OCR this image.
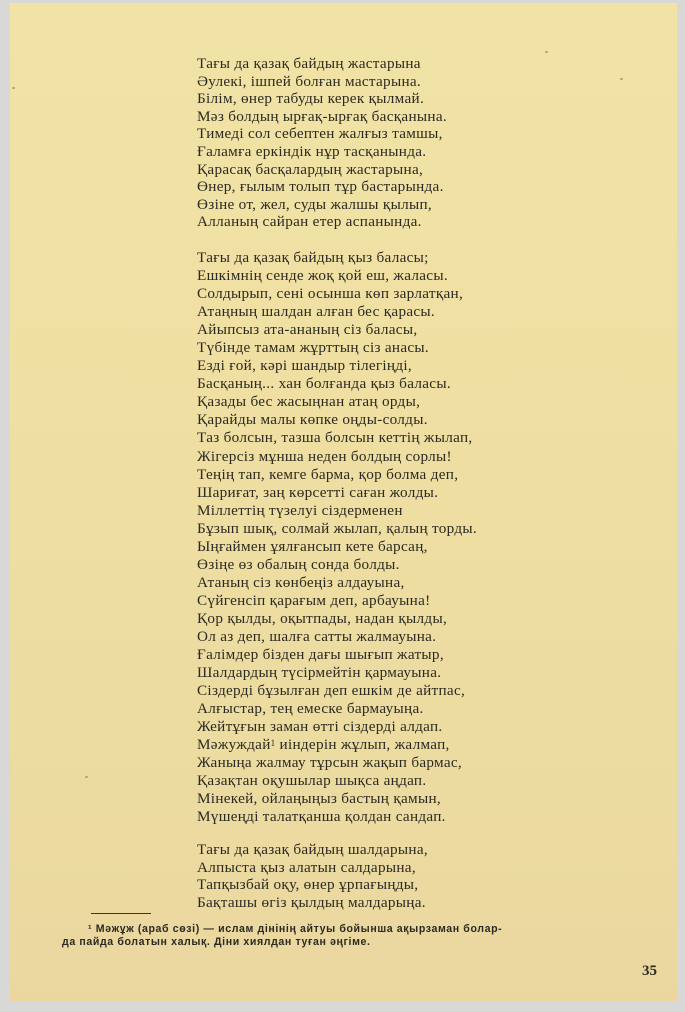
Тағы да қазақ байдың жастарына
Әулекі, ішпей болған мастарына.
Білім, өнер табуды керек қылмай.
Мәз болдың ырғақ-ырғақ басқанына.
Тимеді сол себептен жалғыз тамшы,
Ғаламға еркіндік нұр тасқанында.
Қарасақ басқалардың жастарына,
Өнер, ғылым толып тұр бастарында.
Өзіне от, жел, суды жалшы қылып,
Алланың сайран етер аспанында.
Тағы да қазақ байдың қыз баласы;
Ешкімнің сенде жоқ қой еш, жаласы.
Солдырып, сені осынша көп зарлатқан,
Атаңның шалдан алған бес қарасы.
Айыпсыз ата-ананың сіз баласы,
Түбінде тамам жұрттың сіз анасы.
Езді ғой, кәрі шандыр тілегіңді,
Басқаның... хан болғанда қыз баласы.
Қазады бес жасыңнан атаң орды,
Қарайды малы көпке оңды-солды.
Таз болсын, тазша болсын кеттің жылап,
Жігерсіз мұнша неден болдың сорлы!
Теңің тап, кемге барма, қор болма деп,
Шариғат, заң көрсетті саған жолды.
Міллеттің түзелуі сіздерменен
Бұзып шық, солмай жылап, қалың торды.
Ыңғаймен ұялғансып кете барсаң,
Өзіңе өз обалың сонда болды.
Атаның сіз көнбеңіз алдауына,
Сүйгенсіп қарағым деп, арбауына!
Қор қылды, оқытпады, надан қылды,
Ол аз деп, шалға сатты жалмауына.
Ғалімдер бізден дағы шығып жатыр,
Шалдардың түсірмейтін қармауына.
Сіздерді бұзылған деп ешкім де айтпас,
Алғыстар, тең емеске бармауыңа.
Жейтұғын заман өтті сіздерді алдап.
Мәжуждай$^1$ иіндерін жұлып, жалмап,
Жаныңа жалмау тұрсын жақып бармас,
Қазақтан оқушылар шықса аңдап.
Мінекей, ойлаңыңыз бастың қамын,
Мүшеңді талатқанша қолдан сандап.
Тағы да қазақ байдың шалдарына,
Алпыста қыз алатын салдарына,
Тапқызбай оқу, өнер ұрпағыңды,
Бақташы өгіз қылдың малдарыңа.
¹ Мәжұж (араб сөзі) — ислам дінінің айтуы бойынша ақырзаман болар-
да пайда болатын халық. Діни хиялдан туған әңгіме.
35
